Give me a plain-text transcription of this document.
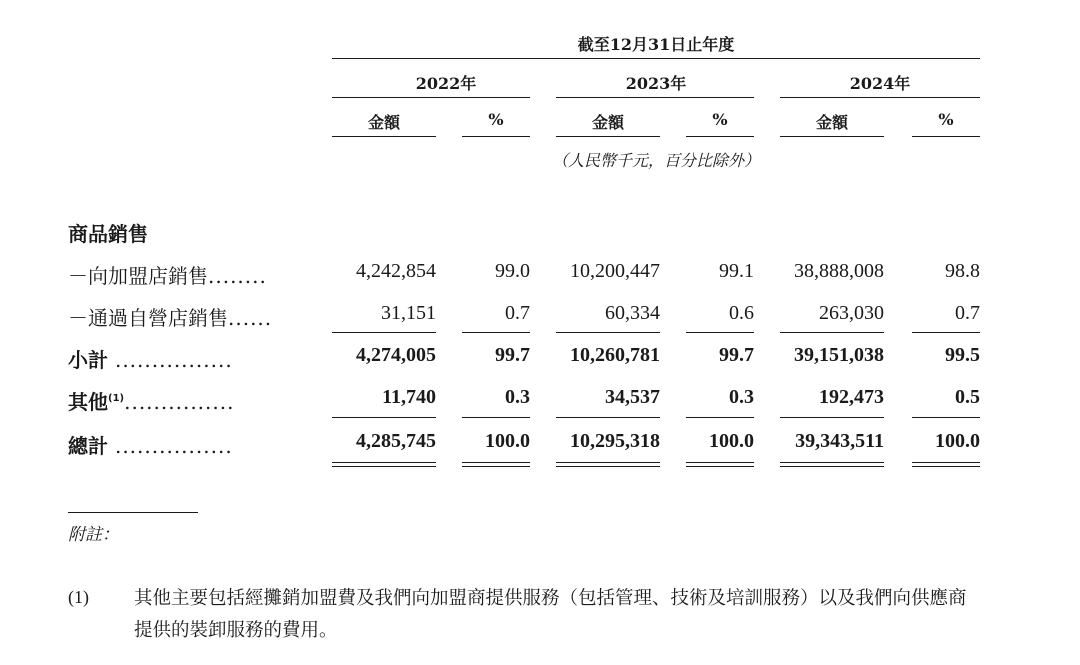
截至12月31日止年度
2022年	2023年	2024年
金額	%	金額	%	金額	%
（人民幣千元，百分比除外）
商品銷售
－向加盟店銷售........	4,242,854	99.0	10,200,447	99.1	38,888,008	98.8
－通過自營店銷售......	31,151	0.7	60,334	0.6	263,030	0.7
小計 ................	4,274,005	99.7	10,260,781	99.7	39,151,038	99.5
其他$^{(1)}$...............	11,740	0.3	34,537	0.3	192,473	0.5
總計 ................	4,285,745	100.0	10,295,318	100.0	39,343,511	100.0
附註：
(1) 其他主要包括經攤銷加盟費及我們向加盟商提供服務（包括管理、技術及培訓服務）以及我們向供應商提供的裝卸服務的費用。
